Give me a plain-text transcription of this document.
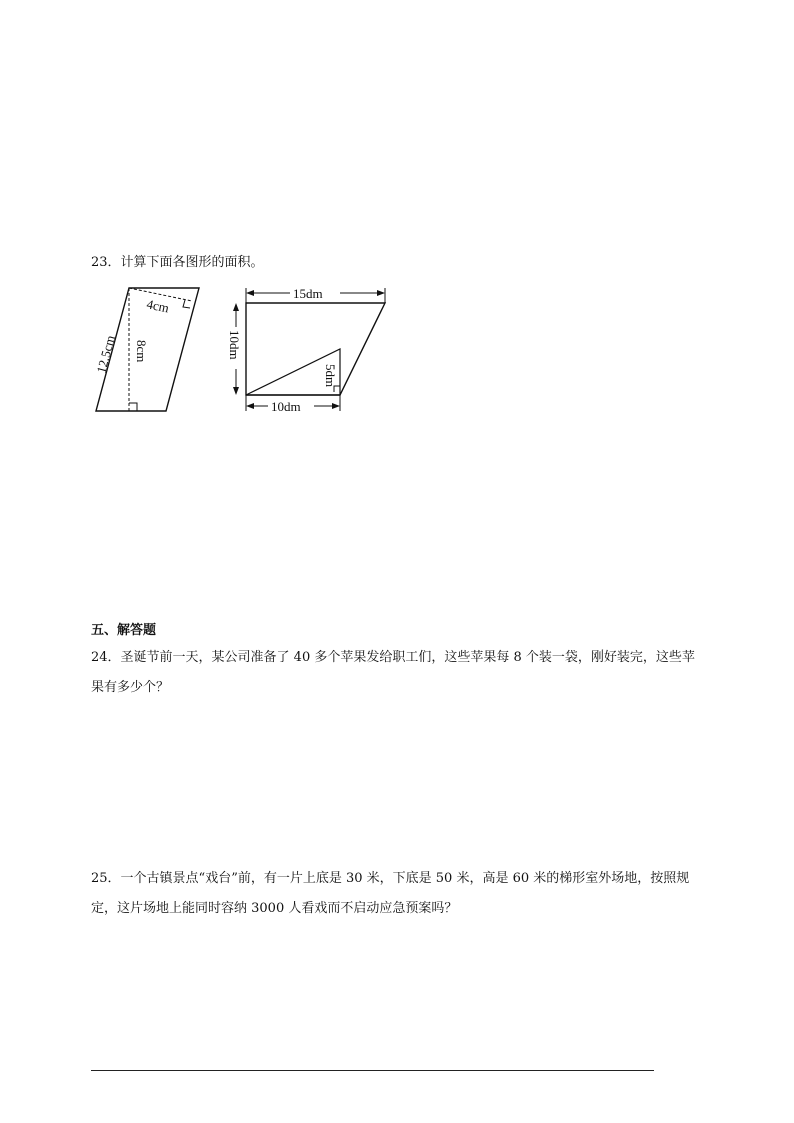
23．计算下面各图形的面积。
4cm
12.5cm 8cm
15dm
10dm
10dm
5dm
五、解答题
24．圣诞节前一天，某公司准备了 40 多个苹果发给职工们，这些苹果每 8 个装一袋，刚好装完，这些苹果有多少个？
25．一个古镇景点“戏台”前，有一片上底是 30 米，下底是 50 米，高是 60 米的梯形室外场地，按照规定，这片场地上能同时容纳 3000 人看戏而不启动应急预案吗？
